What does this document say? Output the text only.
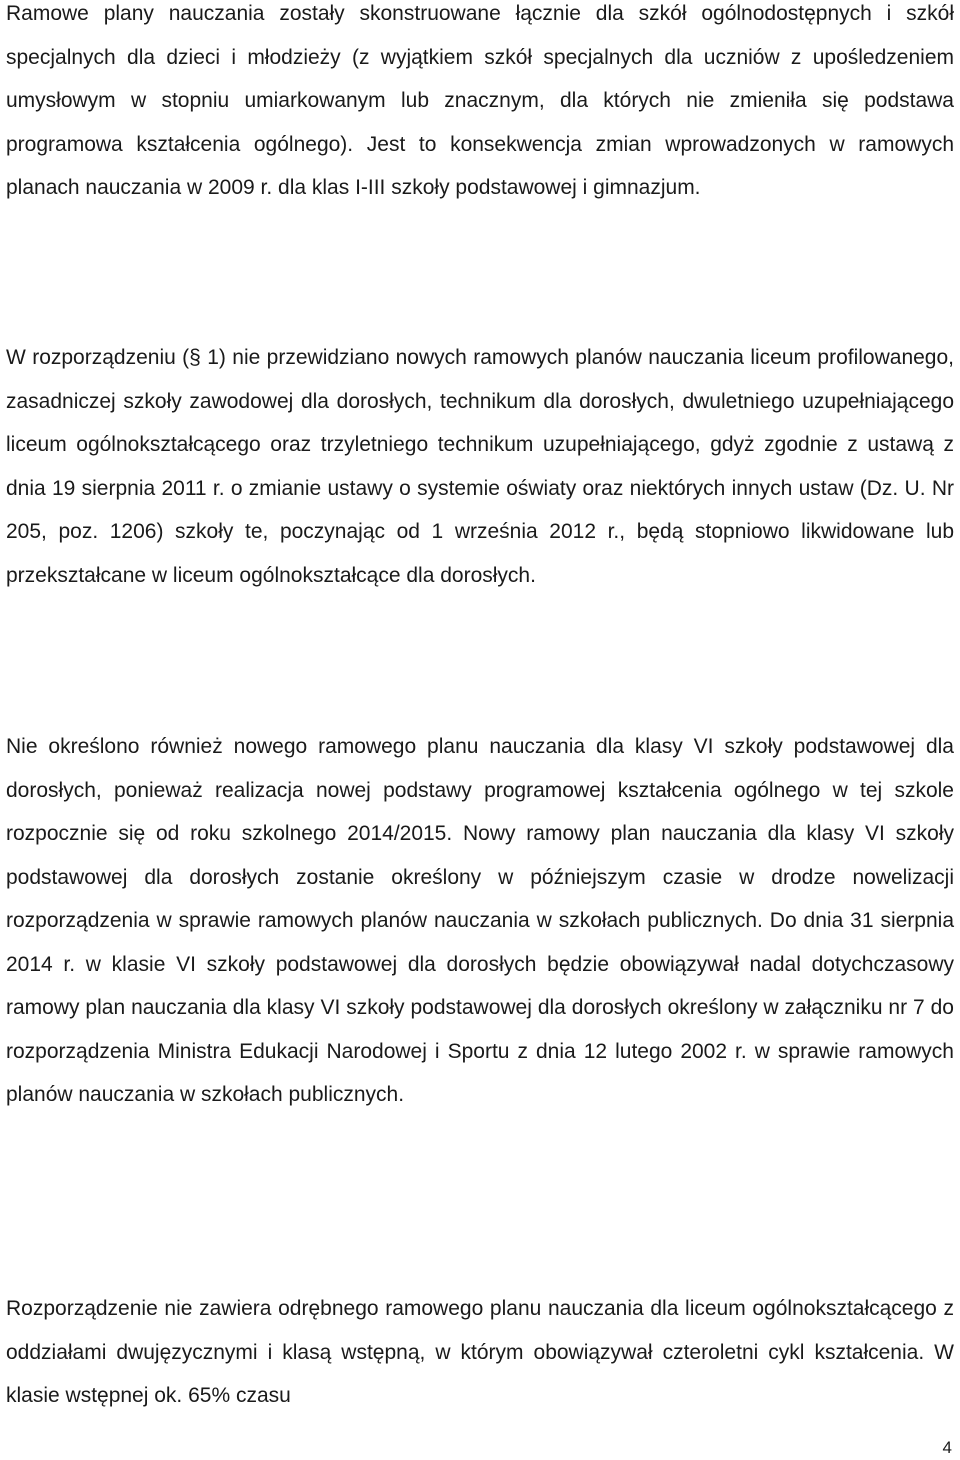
Ramowe plany nauczania zostały skonstruowane łącznie dla szkół ogólnodostępnych i szkół specjalnych dla dzieci i młodzieży (z wyjątkiem szkół specjalnych dla uczniów z upośledzeniem umysłowym w stopniu umiarkowanym lub znacznym, dla których nie zmieniła się podstawa programowa kształcenia ogólnego). Jest to konsekwencja zmian wprowadzonych w ramowych planach nauczania w 2009 r. dla klas I-III szkoły podstawowej i gimnazjum.

W rozporządzeniu (§ 1) nie przewidziano nowych ramowych planów nauczania liceum profilowanego, zasadniczej szkoły zawodowej dla dorosłych, technikum dla dorosłych, dwuletniego uzupełniającego liceum ogólnokształcącego oraz trzyletniego technikum uzupełniającego, gdyż zgodnie z ustawą z dnia 19 sierpnia 2011 r. o zmianie ustawy o systemie oświaty oraz niektórych innych ustaw (Dz. U. Nr 205, poz. 1206) szkoły te, poczynając od 1 września 2012 r., będą stopniowo likwidowane lub przekształcane w liceum ogólnokształcące dla dorosłych.

Nie określono również nowego ramowego planu nauczania dla klasy VI szkoły podstawowej dla dorosłych, ponieważ realizacja nowej podstawy programowej kształcenia ogólnego w tej szkole rozpocznie się od roku szkolnego 2014/2015. Nowy ramowy plan nauczania dla klasy VI szkoły podstawowej dla dorosłych zostanie określony w późniejszym czasie w drodze nowelizacji rozporządzenia w sprawie ramowych planów nauczania w szkołach publicznych. Do dnia 31 sierpnia 2014 r. w klasie VI szkoły podstawowej dla dorosłych będzie obowiązywał nadal dotychczasowy ramowy plan nauczania dla klasy VI szkoły podstawowej dla dorosłych określony w załączniku nr 7 do rozporządzenia Ministra Edukacji Narodowej i Sportu z dnia 12 lutego 2002 r. w sprawie ramowych planów nauczania w szkołach publicznych.

Rozporządzenie nie zawiera odrębnego ramowego planu nauczania dla liceum ogólnokształcącego z oddziałami dwujęzycznymi i klasą wstępną, w którym obowiązywał czteroletni cykl kształcenia. W klasie wstępnej ok. 65% czasu

4
